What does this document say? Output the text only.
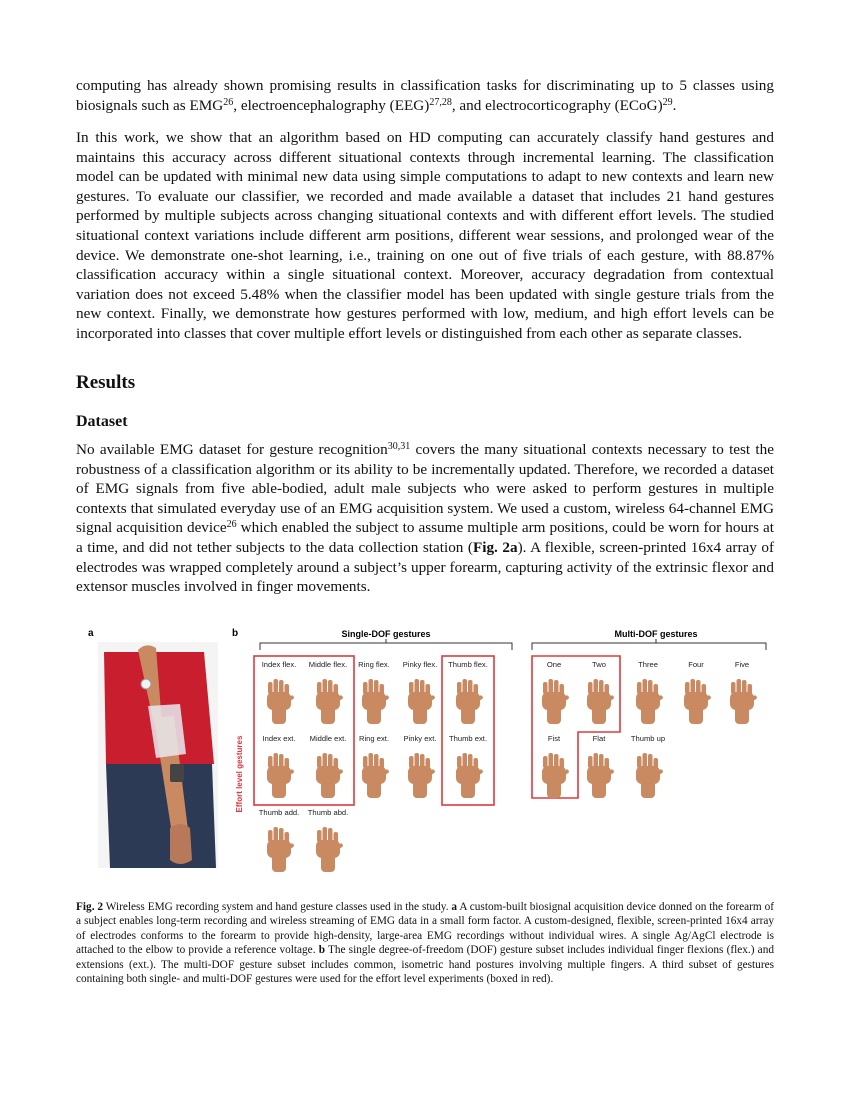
computing has already shown promising results in classification tasks for discriminating up to 5 classes using biosignals such as EMG$^{26}$, electroencephalography (EEG)$^{27,28}$, and electrocorticography (ECoG)$^{29}$.

In this work, we show that an algorithm based on HD computing can accurately classify hand gestures and maintains this accuracy across different situational contexts through incremental learning. The classification model can be updated with minimal new data using simple computations to adapt to new contexts and learn new gestures. To evaluate our classifier, we recorded and made available a dataset that includes 21 hand gestures performed by multiple subjects across changing situational contexts and with different effort levels. The studied situational context variations include different arm positions, different wear sessions, and prolonged wear of the device. We demonstrate one-shot learning, i.e., training on one out of five trials of each gesture, with 88.87% classification accuracy within a single situational context. Moreover, accuracy degradation from contextual variation does not exceed 5.48% when the classifier model has been updated with single gesture trials from the new context. Finally, we demonstrate how gestures performed with low, medium, and high effort levels can be incorporated into classes that cover multiple effort levels or distinguished from each other as separate classes.

Results
Dataset

No available EMG dataset for gesture recognition$^{30,31}$ covers the many situational contexts necessary to test the robustness of a classification algorithm or its ability to be incrementally updated. Therefore, we recorded a dataset of EMG signals from five able-bodied, adult male subjects who were asked to perform gestures in multiple contexts that simulated everyday use of an EMG acquisition system. We used a custom, wireless 64-channel EMG signal acquisition device$^{26}$ which enabled the subject to assume multiple arm positions, could be worn for hours at a time, and did not tether subjects to the data collection station (Fig. 2a). A flexible, screen-printed 16x4 array of electrodes was wrapped completely around a subject’s upper forearm, capturing activity of the extrinsic flexor and extensor muscles involved in finger movements.

a	b	Single-DOF gestures	Multi-DOF gestures
Effort level gestures
Index flex. Middle flex. Ring flex. Pinky flex. Thumb flex.
Index ext. Middle ext. Ring ext. Pinky ext. Thumb ext.
Thumb add. Thumb abd.
One	Two	Three	Four	Five
Fist	Flat	Thumb up

Fig. 2 Wireless EMG recording system and hand gesture classes used in the study. a A custom-built biosignal acquisition device donned on the forearm of a subject enables long-term recording and wireless streaming of EMG data in a small form factor. A custom-designed, flexible, screen-printed 16x4 array of electrodes conforms to the forearm to provide high-density, large-area EMG recordings without individual wires. A single Ag/AgCl electrode is attached to the elbow to provide a reference voltage. b The single degree-of-freedom (DOF) gesture subset includes individual finger flexions (flex.) and extensions (ext.). The multi-DOF gesture subset includes common, isometric hand postures involving multiple fingers. A third subset of gestures containing both single- and multi-DOF gestures were used for the effort level experiments (boxed in red).
